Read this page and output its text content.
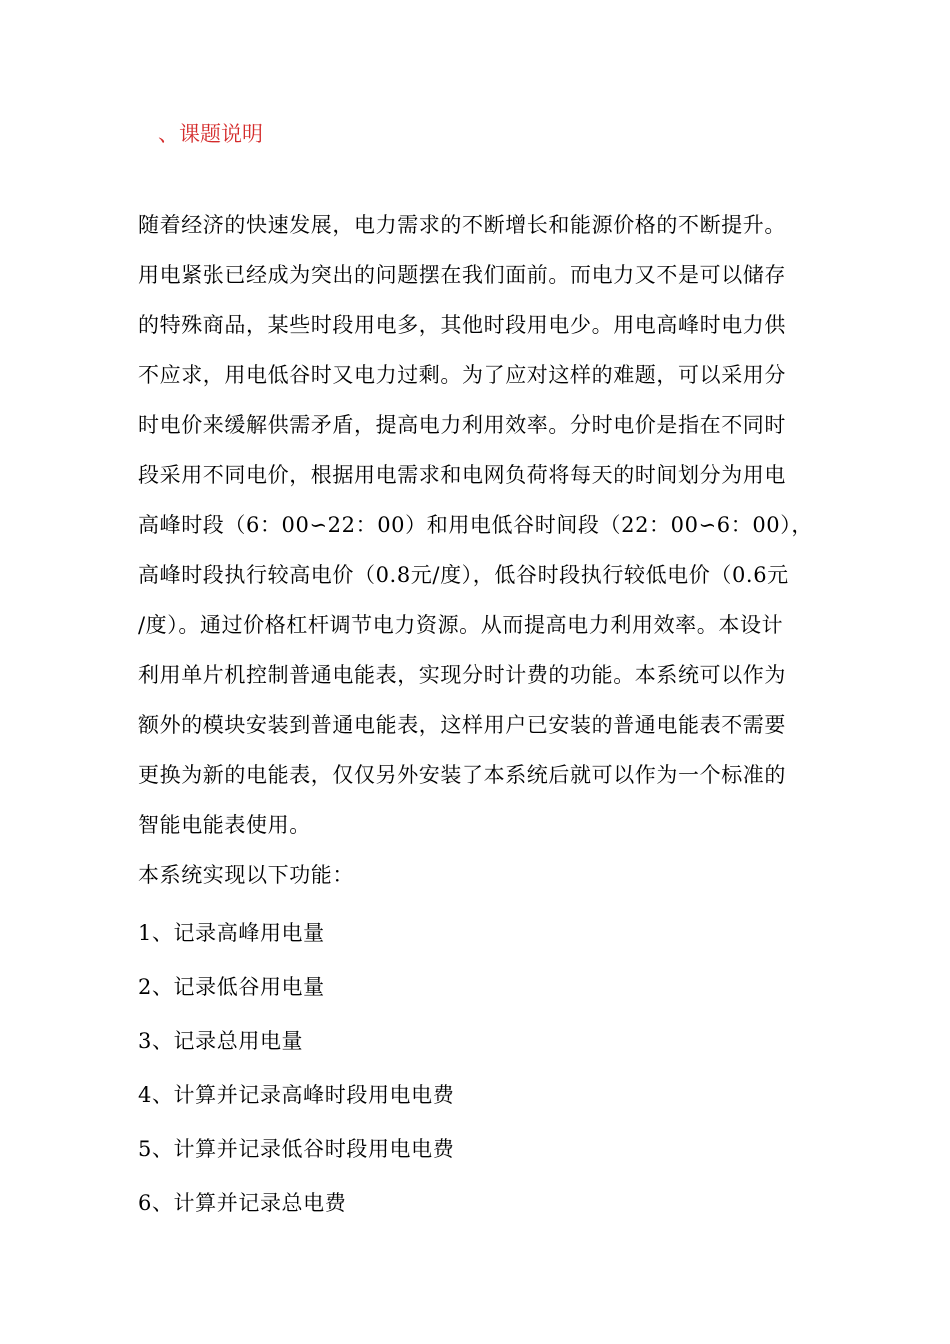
、课题说明
随着经济的快速发展，电力需求的不断增长和能源价格的不断提升。
用电紧张已经成为突出的问题摆在我们面前。而电力又不是可以储存
的特殊商品，某些时段用电多，其他时段用电少。用电高峰时电力供
不应求，用电低谷时又电力过剩。为了应对这样的难题，可以采用分
时电价来缓解供需矛盾，提高电力利用效率。分时电价是指在不同时
段采用不同电价，根据用电需求和电网负荷将每天的时间划分为用电
高峰时段（6：00∽22：00）和用电低谷时间段（22：00∽6：00），
高峰时段执行较高电价（0.8元/度），低谷时段执行较低电价（0.6元
/度）。通过价格杠杆调节电力资源。从而提高电力利用效率。本设计
利用单片机控制普通电能表，实现分时计费的功能。本系统可以作为
额外的模块安装到普通电能表，这样用户已安装的普通电能表不需要
更换为新的电能表，仅仅另外安装了本系统后就可以作为一个标准的
智能电能表使用。
本系统实现以下功能：
1、记录高峰用电量
2、记录低谷用电量
3、记录总用电量
4、计算并记录高峰时段用电电费
5、计算并记录低谷时段用电电费
6、计算并记录总电费
